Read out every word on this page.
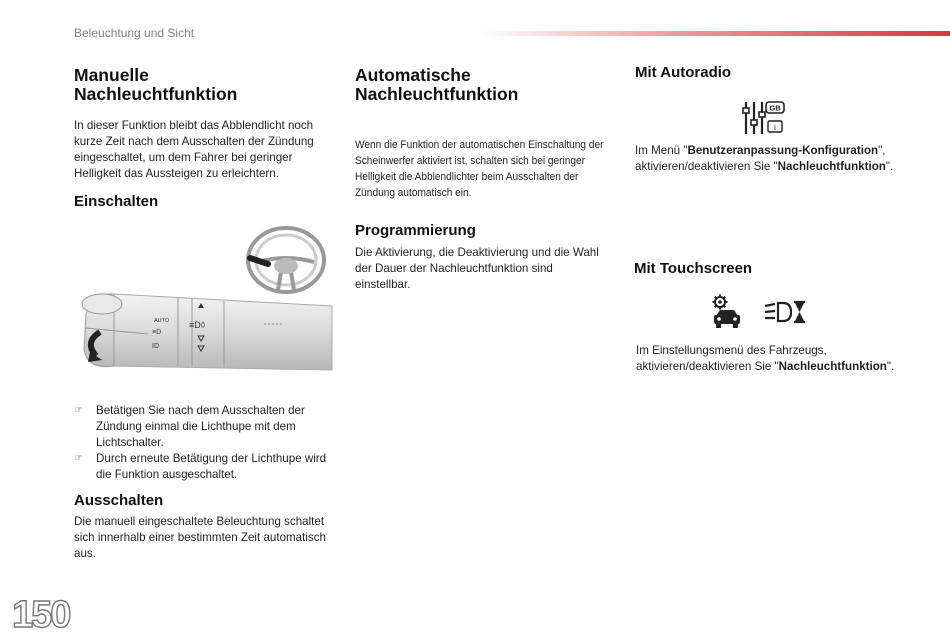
Beleuchtung und Sicht
Manuelle Nachleuchtfunktion

In dieser Funktion bleibt das Abblendlicht noch kurze Zeit nach dem Ausschalten der Zündung eingeschaltet, um dem Fahrer bei geringer Helligkeit das Aussteigen zu erleichtern.

Einschalten
AUTO
≡D
ID
≡D◊
☞	Betätigen Sie nach dem Ausschalten der Zündung einmal die Lichthupe mit dem Lichtschalter.
☞	Durch erneute Betätigung der Lichthupe wird die Funktion ausgeschaltet.
Ausschalten

Die manuell eingeschaltete Beleuchtung schaltet sich innerhalb einer bestimmten Zeit automatisch aus.

Automatische Nachleuchtfunktion

Wenn die Funktion der automatischen Einschaltung der Scheinwerfer aktiviert ist, schalten sich bei geringer Helligkeit die Abblendlichter beim Ausschalten der Zündung automatisch ein.

Programmierung

Die Aktivierung, die Deaktivierung und die Wahl der Dauer der Nachleuchtfunktion sind einstellbar.

Mit Autoradio
GB
i

Im Menü "Benutzeranpassung-Konfiguration", aktivieren/deaktivieren Sie "Nachleuchtfunktion".

Mit Touchscreen

Im Einstellungsmenü des Fahrzeugs, aktivieren/deaktivieren Sie "Nachleuchtfunktion".

150
